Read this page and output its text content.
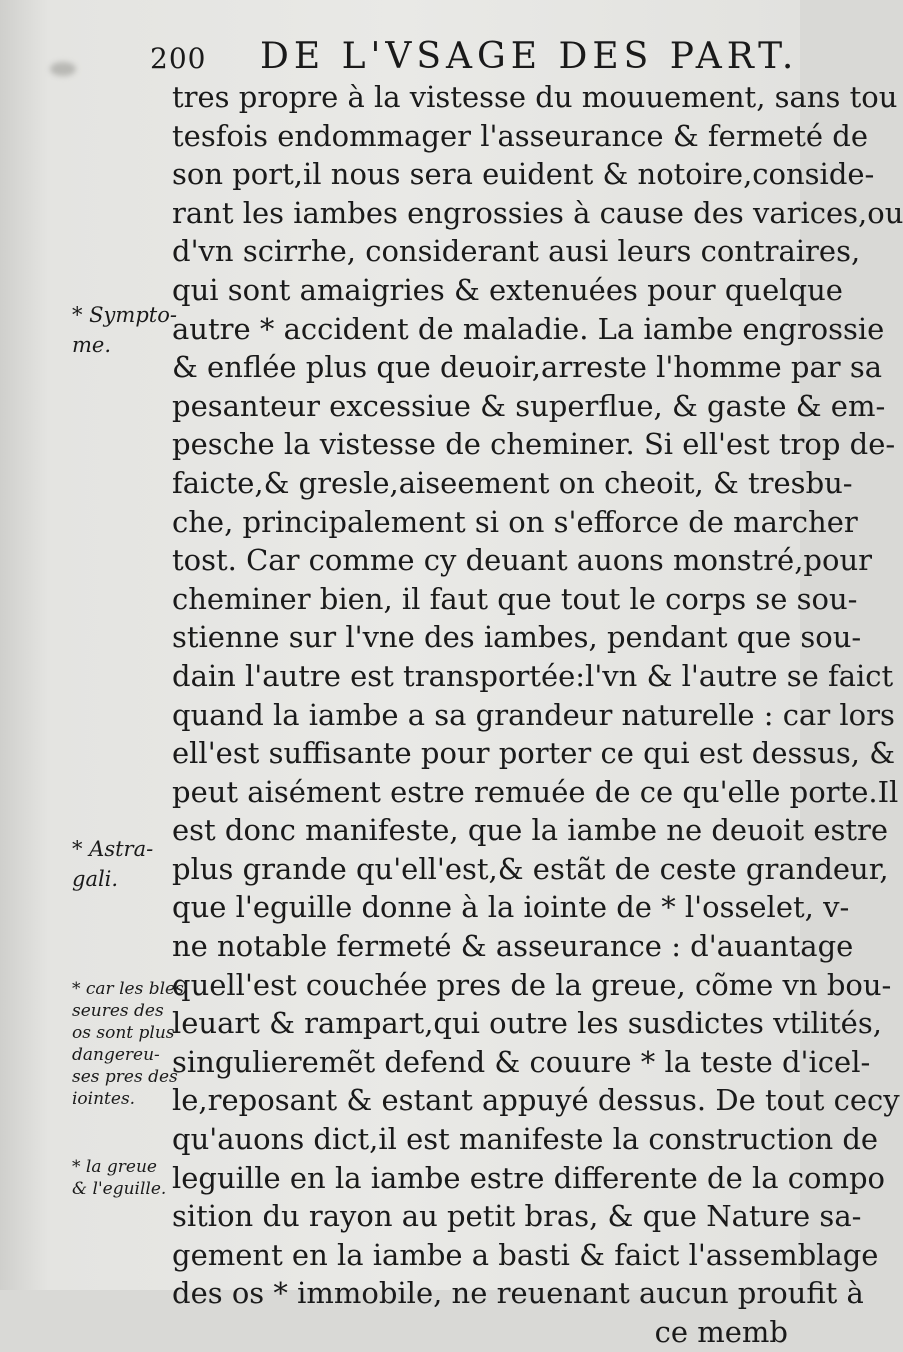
200 DE L'VSAGE DES PART.
* Sympto-
me.
* Astra-
gali.
* car les bles
seures des
os sont plus
dangereu-
ses pres des
iointes.
* la greue
& l'eguille.
tres propre à la vistesse du mouuement, sans tou
tesfois endommager l'asseurance & fermeté de
son port,il nous sera euident & notoire,conside-
rant les iambes engrossies à cause des varices,ou
d'vn scirrhe, considerant ausi leurs contraires,
qui sont amaigries & extenuées pour quelque
autre * accident de maladie. La iambe engrossie
& enflée plus que deuoir,arreste l'homme par sa
pesanteur excessiue & superflue, & gaste & em-
pesche la vistesse de cheminer. Si ell'est trop de-
faicte,& gresle,aiseement on cheoit, & tresbu-
che, principalement si on s'efforce de marcher
tost. Car comme cy deuant auons monstré,pour
cheminer bien, il faut que tout le corps se sou-
stienne sur l'vne des iambes, pendant que sou-
dain l'autre est transportée:l'vn & l'autre se faict
quand la iambe a sa grandeur naturelle : car lors
ell'est suffisante pour porter ce qui est dessus, &
peut aisément estre remuée de ce qu'elle porte.Il
est donc manifeste, que la iambe ne deuoit estre
plus grande qu'ell'est,& estãt de ceste grandeur,
que l'eguille donne à la iointe de * l'osselet, v-
ne notable fermeté & asseurance : d'auantage
quell'est couchée pres de la greue, cõme vn bou-
leuart & rampart,qui outre les susdictes vtilités,
singulieremẽt defend & couure * la teste d'icel-
le,reposant & estant appuyé dessus. De tout cecy
qu'auons dict,il est manifeste la construction de
leguille en la iambe estre differente de la compo
sition du rayon au petit bras, & que Nature sa-
gement en la iambe a basti & faict l'assemblage
des os * immobile, ne reuenant aucun proufit à
ce memb
